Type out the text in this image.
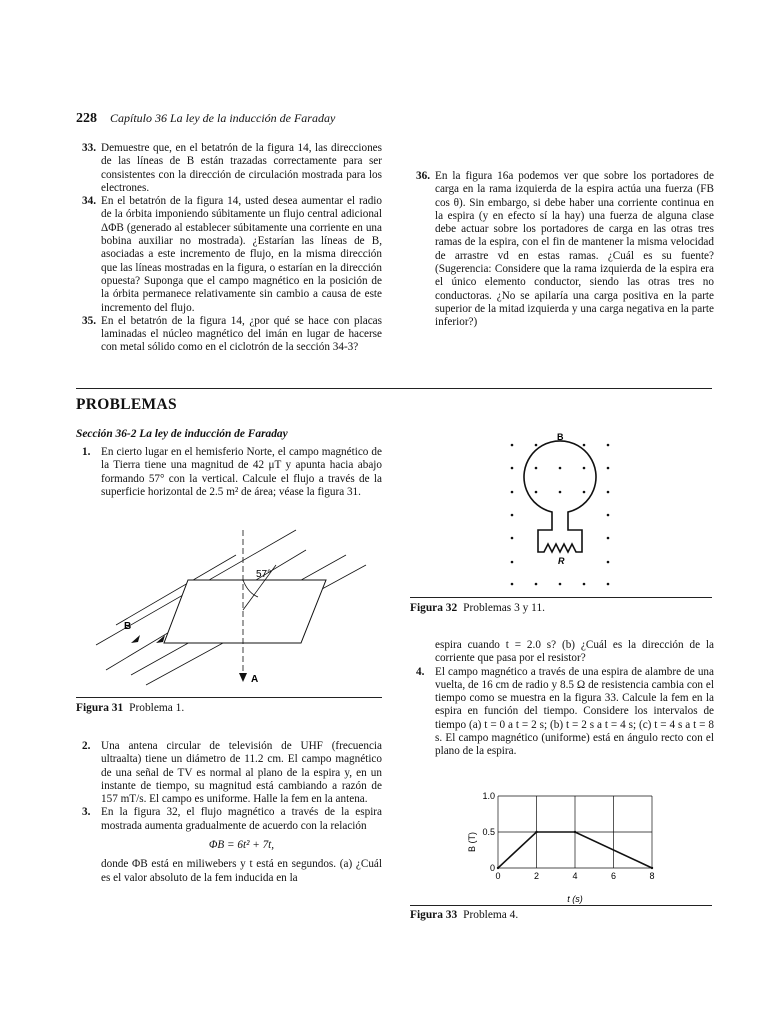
228 Capítulo 36 La ley de la inducción de Faraday
33. Demuestre que, en el betatrón de la figura 14, las direcciones de las líneas de B están trazadas correctamente para ser consistentes con la dirección de circulación mostrada para los electrones.
34. En el betatrón de la figura 14, usted desea aumentar el radio de la órbita imponiendo súbitamente un flujo central adicional ΔΦB (generado al establecer súbitamente una corriente en una bobina auxiliar no mostrada). ¿Estarían las líneas de B, asociadas a este incremento de flujo, en la misma dirección que las líneas mostradas en la figura, o estarían en la dirección opuesta? Suponga que el campo magnético en la posición de la órbita permanece relativamente sin cambio a causa de este incremento del flujo.
35. En el betatrón de la figura 14, ¿por qué se hace con placas laminadas el núcleo magnético del imán en lugar de hacerse con metal sólido como en el ciclotrón de la sección 34-3?
36. En la figura 16a podemos ver que sobre los portadores de carga en la rama izquierda de la espira actúa una fuerza (FB cos θ). Sin embargo, si debe haber una corriente continua en la espira (y en efecto sí la hay) una fuerza de alguna clase debe actuar sobre los portadores de carga en las otras tres ramas de la espira, con el fin de mantener la misma velocidad de arrastre vd en estas ramas. ¿Cuál es su fuente? (Sugerencia: Considere que la rama izquierda de la espira era el único elemento conductor, siendo las otras tres no conductoras. ¿No se apilaría una carga positiva en la parte superior de la mitad izquierda y una carga negativa en la parte inferior?)
PROBLEMAS
Sección 36-2 La ley de inducción de Faraday
1. En cierto lugar en el hemisferio Norte, el campo magnético de la Tierra tiene una magnitud de 42 μT y apunta hacia abajo formando 57° con la vertical. Calcule el flujo a través de la superficie horizontal de 2.5 m² de área; véase la figura 31.
57°
B
A
Figura 31 Problema 1.
2. Una antena circular de televisión de UHF (frecuencia ultraalta) tiene un diámetro de 11.2 cm. El campo magnético de una señal de TV es normal al plano de la espira y, en un instante de tiempo, su magnitud está cambiando a razón de 157 mT/s. El campo es uniforme. Halle la fem en la antena.
3. En la figura 32, el flujo magnético a través de la espira mostrada aumenta gradualmente de acuerdo con la relación
ΦB = 6t² + 7t,
donde ΦB está en miliwebers y t está en segundos. (a) ¿Cuál es el valor absoluto de la fem inducida en la
B
R
Figura 32 Problemas 3 y 11.
espira cuando t = 2.0 s? (b) ¿Cuál es la dirección de la corriente que pasa por el resistor?
4. El campo magnético a través de una espira de alambre de una vuelta, de 16 cm de radio y 8.5 Ω de resistencia cambia con el tiempo como se muestra en la figura 33. Calcule la fem en la espira en función del tiempo. Considere los intervalos de tiempo (a) t = 0 a t = 2 s; (b) t = 2 s a t = 4 s; (c) t = 4 s a t = 8 s. El campo magnético (uniforme) está en ángulo recto con el plano de la espira.
0	2	4	6	8
0
0.5
1.0
B (T)
t (s)
Figura 33 Problema 4.
